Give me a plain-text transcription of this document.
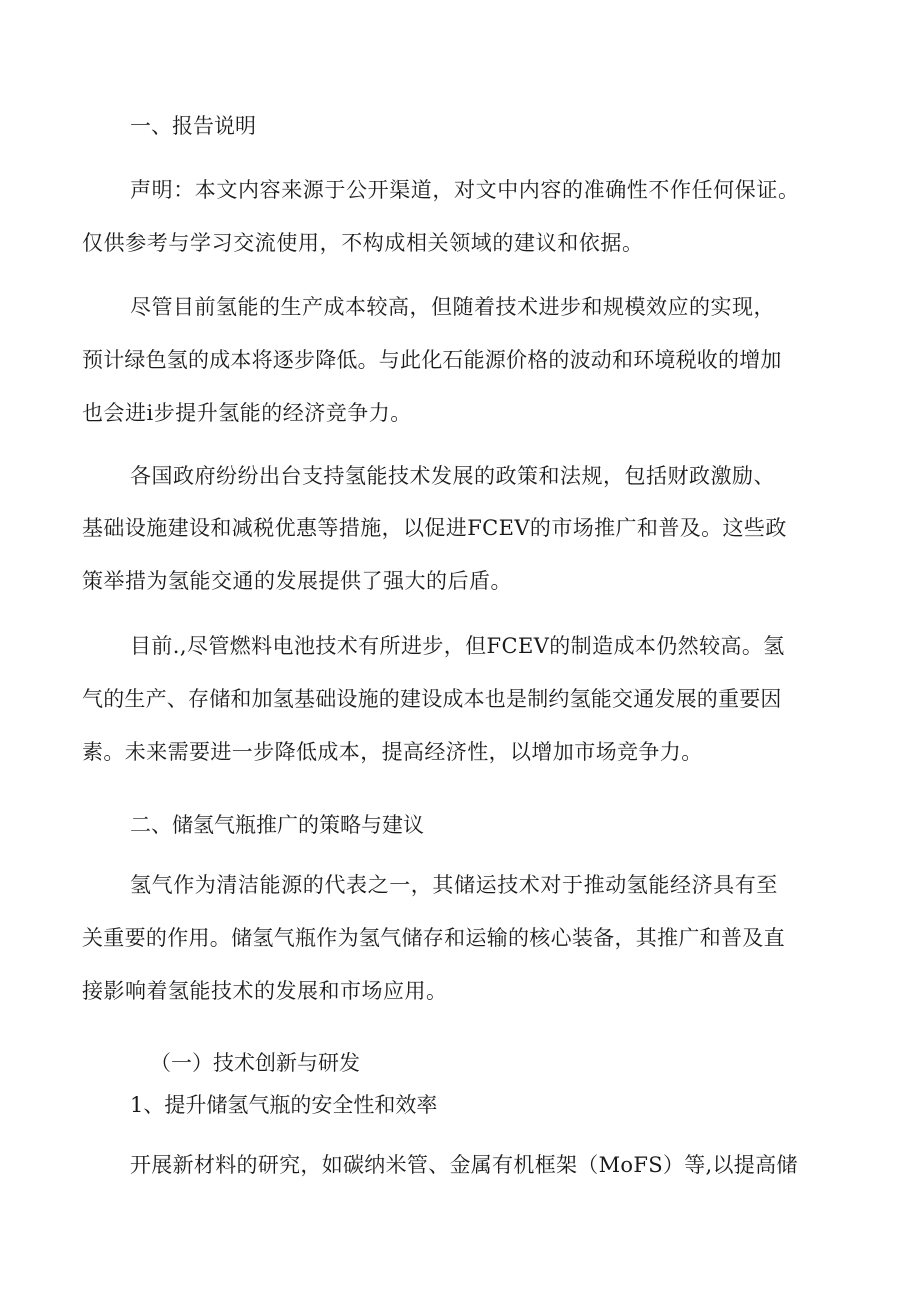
一、报告说明
声明：本文内容来源于公开渠道，对文中内容的准确性不作任何保证。
仅供参考与学习交流使用，不构成相关领域的建议和依据。
尽管目前氢能的生产成本较高，但随着技术进步和规模效应的实现，
预计绿色氢的成本将逐步降低。与此化石能源价格的波动和环境税收的增加
也会进i步提升氢能的经济竞争力。
各国政府纷纷出台支持氢能技术发展的政策和法规，包括财政激励、
基础设施建设和减税优惠等措施，以促进FCEV的市场推广和普及。这些政
策举措为氢能交通的发展提供了强大的后盾。
目前.,尽管燃料电池技术有所进步，但FCEV的制造成本仍然较高。氢
气的生产、存储和加氢基础设施的建设成本也是制约氢能交通发展的重要因
素。未来需要进一步降低成本，提高经济性，以增加市场竞争力。
二、储氢气瓶推广的策略与建议
氢气作为清洁能源的代表之一，其储运技术对于推动氢能经济具有至
关重要的作用。储氢气瓶作为氢气储存和运输的核心装备，其推广和普及直
接影响着氢能技术的发展和市场应用。
（一）技术创新与研发
1、提升储氢气瓶的安全性和效率
开展新材料的研究，如碳纳米管、金属有机框架（MoFS）等,以提高储
